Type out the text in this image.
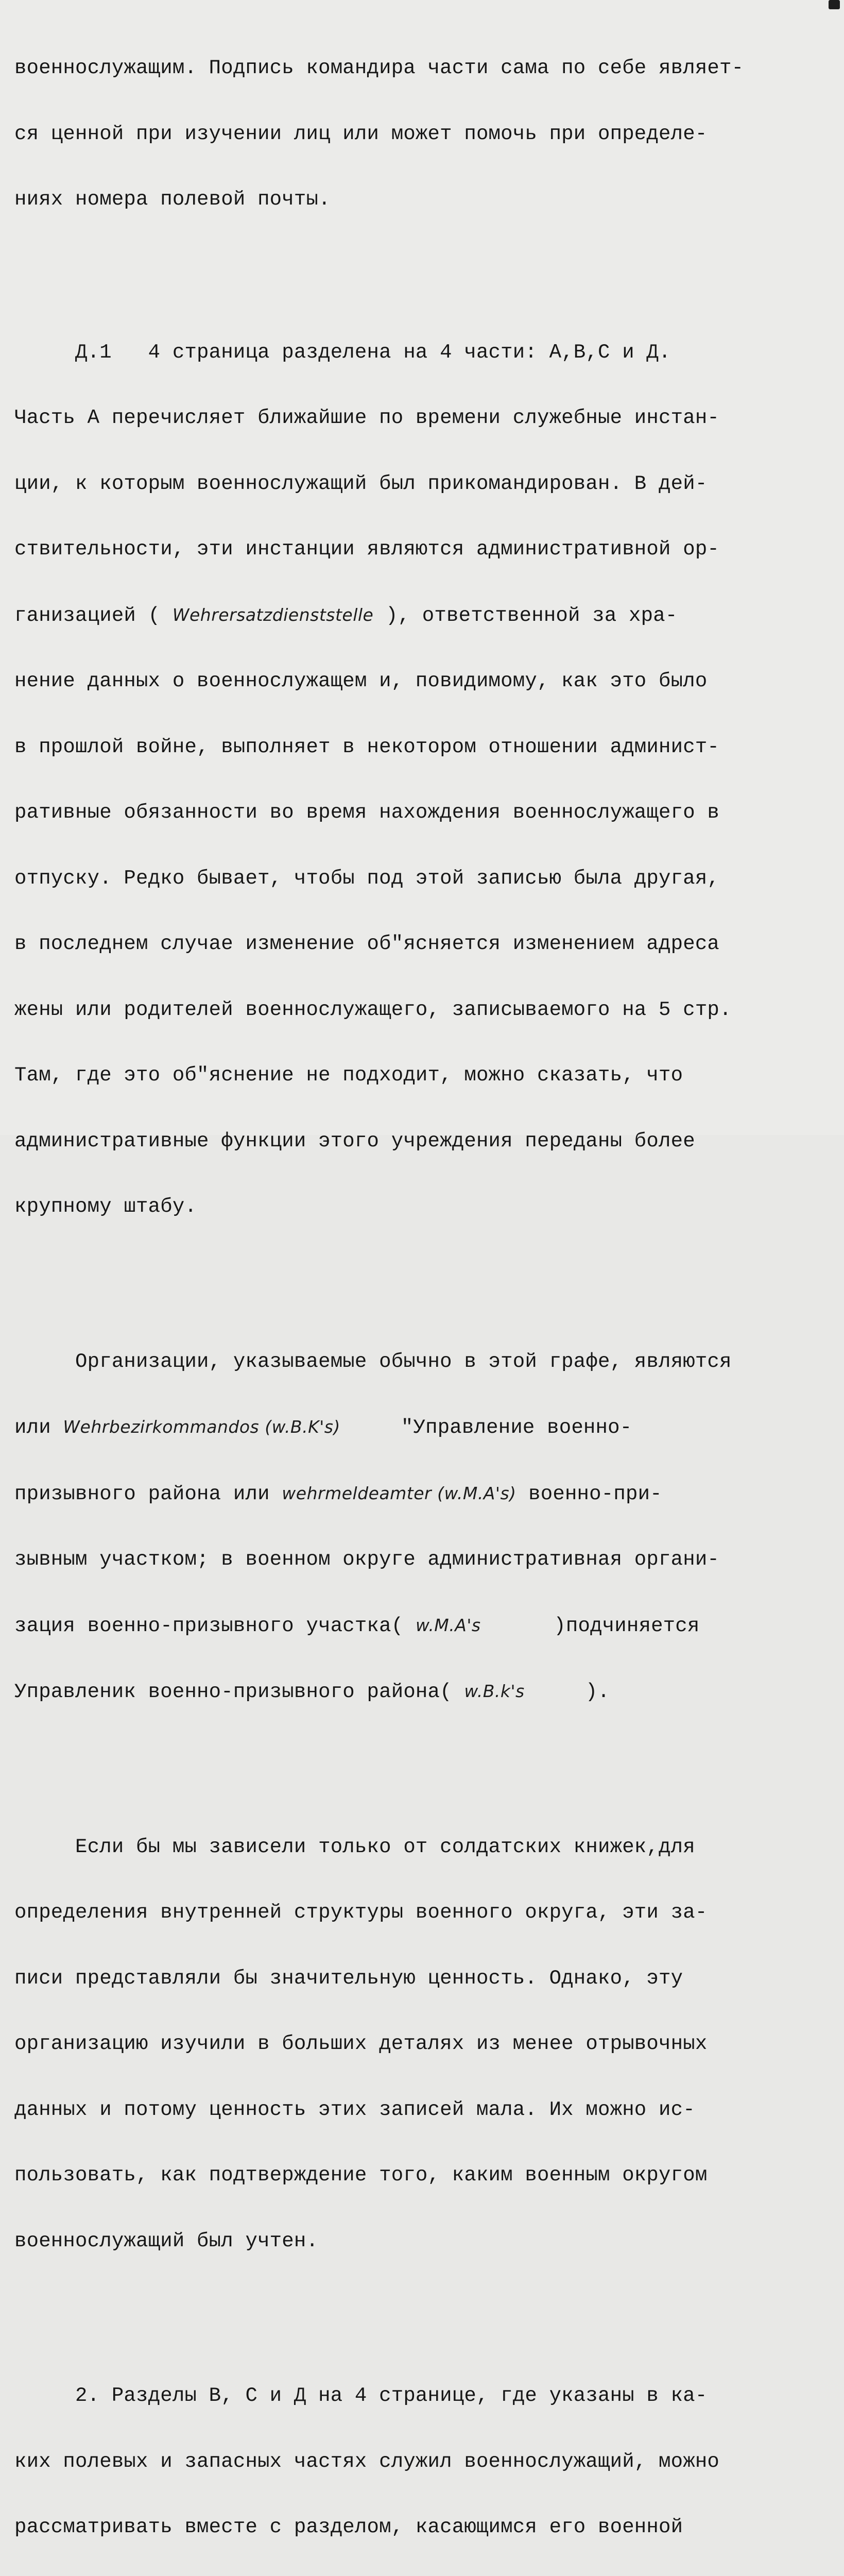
военнослужащим. Подпись командира части сама по себе являет-

ся ценной при изучении лиц или может помочь при определе-

ниях номера полевой почты.

Д.1   4 страница разделена на 4 части: А,В,С и Д.

Часть А перечисляет ближайшие по времени служебные инстан-

ции, к которым военнослужащий был прикомандирован. В дей-

ствительности, эти инстанции являются административной ор-

ганизацией ( Wehrersatzdienststelle ), ответственной за хра-

нение данных о военнослужащем и, повидимому, как это было

в прошлой войне, выполняет в некотором отношении админист-

ративные обязанности во время нахождения военнослужащего в

отпуску. Редко бывает, чтобы под этой записью была другая,

в последнем случае изменение об"ясняется изменением адреса

жены или родителей военнослужащего, записываемого на 5 стр.

Там, где это об"яснение не подходит, можно сказать, что

административные функции этого учреждения переданы более

крупному штабу.

Организации, указываемые обычно в этой графе, являются

или Wehrbezirkommandos (w.B.K's)     "Управление военно-

призывного района или wehrmeldeamter (w.M.A's) военно-при-

зывным участком; в военном округе административная органи-

зация военно-призывного участка( w.M.A's      )подчиняется

Управленик военно-призывного района( w.B.k's     ).

Если бы мы зависели только от солдатских книжек,для

определения внутренней структуры военного округа, эти за-

писи представляли бы значительную ценность. Однако, эту

организацию изучили в больших деталях из менее отрывочных

данных и потому ценность этих записей мала. Их можно ис-

пользовать, как подтверждение того, каким военным округом

военнослужащий был учтен.

2. Разделы В, С и Д на 4 странице, где указаны в ка-

ких полевых и запасных частях служил военнослужащий, можно

рассматривать вместе с разделом, касающимся его военной
